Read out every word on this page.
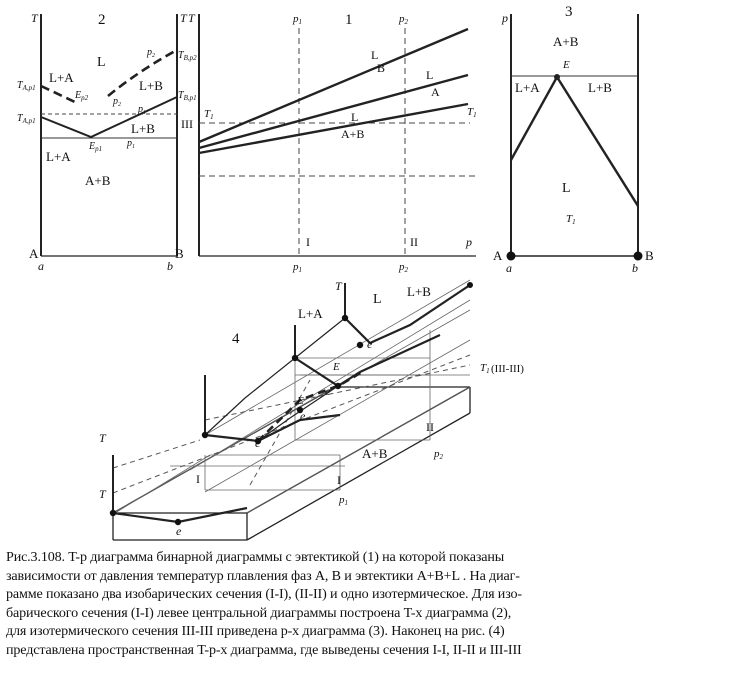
2
T	T
A
a
B
b
L
L+A
L+B
L+B
L+A
A+B
$T_{A,p1}$
$T_{A,p1}$
$T_{B,p2}$
$T_{B,p1}$
$E_{p2}$
$E_{p1}$
$p_2$
$p_2$ $p_1$
$p_1$
1
T
p
p1	p2
p1	p2
I	II
III
T1	T1
L
B	L
A
L
A+B
3
p
A
a
B
b
A+B
L+A	L+B
L
E
T1
4
T
T
T
L
L+B
L+A
A+B
e
e
e
e
e
E
E
I	I
II
T1 (III-III)
p1
p2

Рис.3.108. T-p диаграмма бинарной диаграммы с эвтектикой (1) на которой показаны

зависимости от давления температур плавления фаз A, B и эвтектики A+B+L . На диаг-

рамме показано два изобарических сечения (I-I), (II-II) и одно изотермическое. Для изо-

барического сечения (I-I) левее центральной диаграммы построена T-x диаграмма (2),

для изотермического сечения III-III приведена p-x диаграмма (3). Наконец на рис. (4)

представлена пространственная T-p-x диаграмма, где выведены сечения I-I, II-II и III-III
